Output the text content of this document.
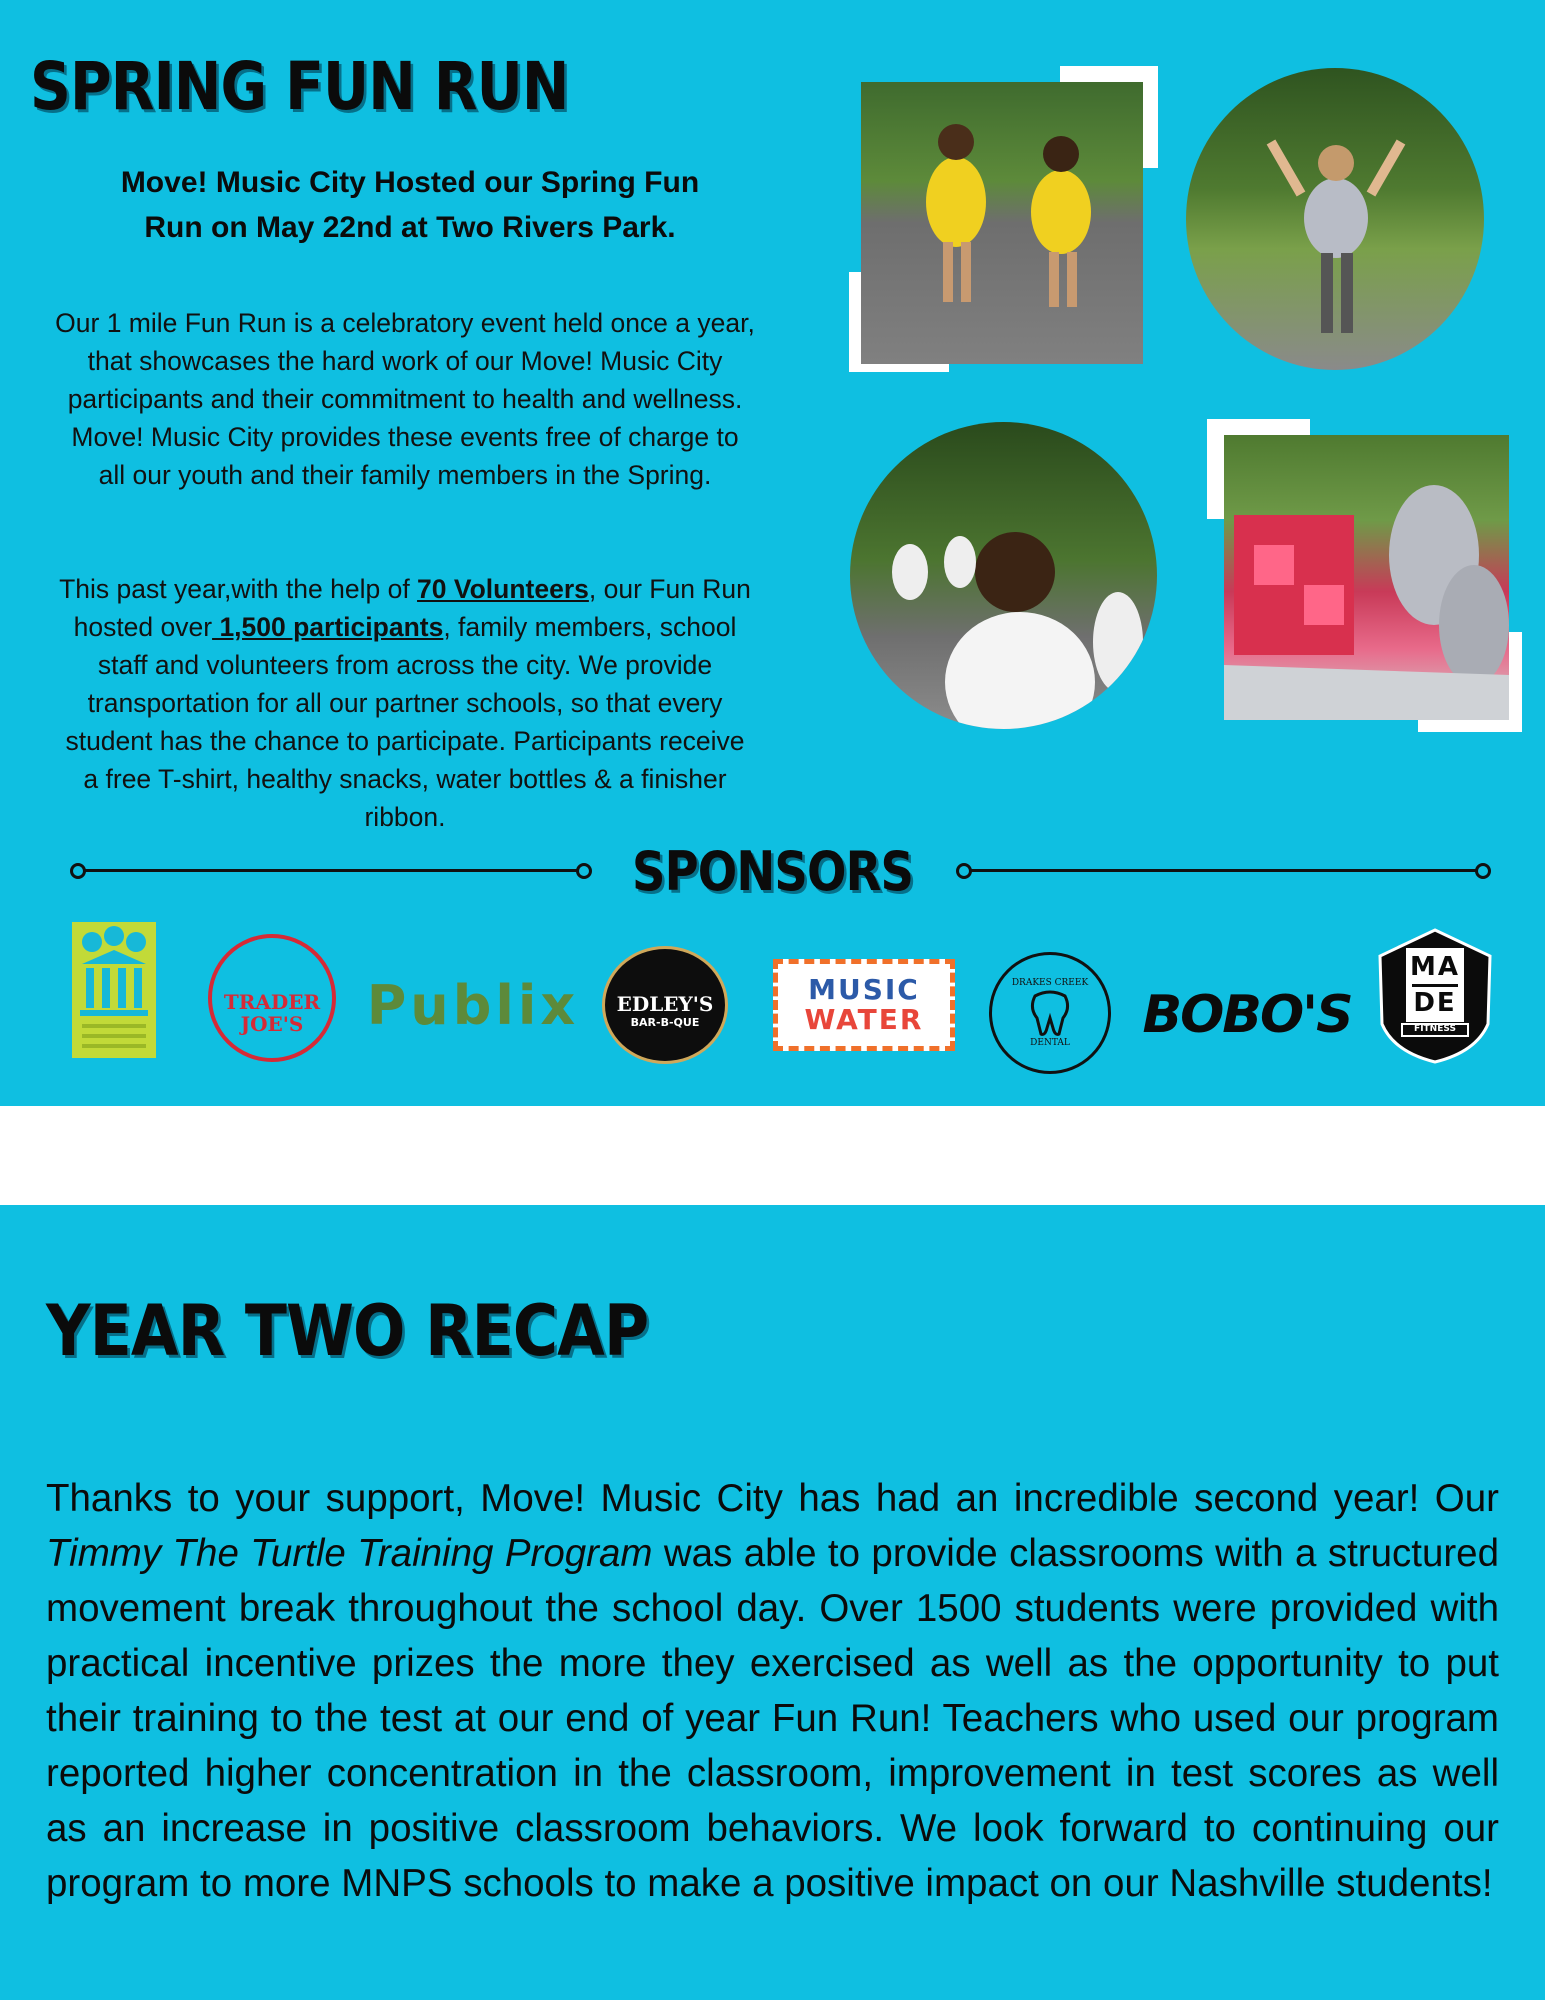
SPRING FUN RUN
Move! Music City Hosted our Spring Fun
Run on May 22nd at Two Rivers Park.

Our 1 mile Fun Run is a celebratory event held once a year, that showcases the hard work of our Move! Music City participants and their commitment to health and wellness. Move! Music City provides these events free of charge to all our youth and their family members in the Spring.

This past year,with the help of 70 Volunteers, our Fun Run hosted over 1,500 participants, family members, school staff and volunteers from across the city. We provide transportation for all our partner schools, so that every student has the chance to participate. Participants receive a free T-shirt, healthy snacks, water bottles & a finisher ribbon.

SPONSORS
TRADER
JOE'S Publix EDLEY'S
BAR-B-QUE
MUSIC
WATER
DRAKES CREEK
DENTAL BOBO'S
MA
DE
FITNESS
YEAR TWO RECAP

Thanks to your support, Move! Music City has had an incredible second year! Our Timmy The Turtle Training Program was able to provide classrooms with a structured movement break throughout the school day. Over 1500 students were provided with practical incentive prizes the more they exercised as well as the opportunity to put their training to the test at our end of year Fun Run! Teachers who used our program reported higher concentration in the classroom, improvement in test scores as well as an increase in positive classroom behaviors. We look forward to continuing our program to more MNPS schools to make a positive impact on our Nashville students!
